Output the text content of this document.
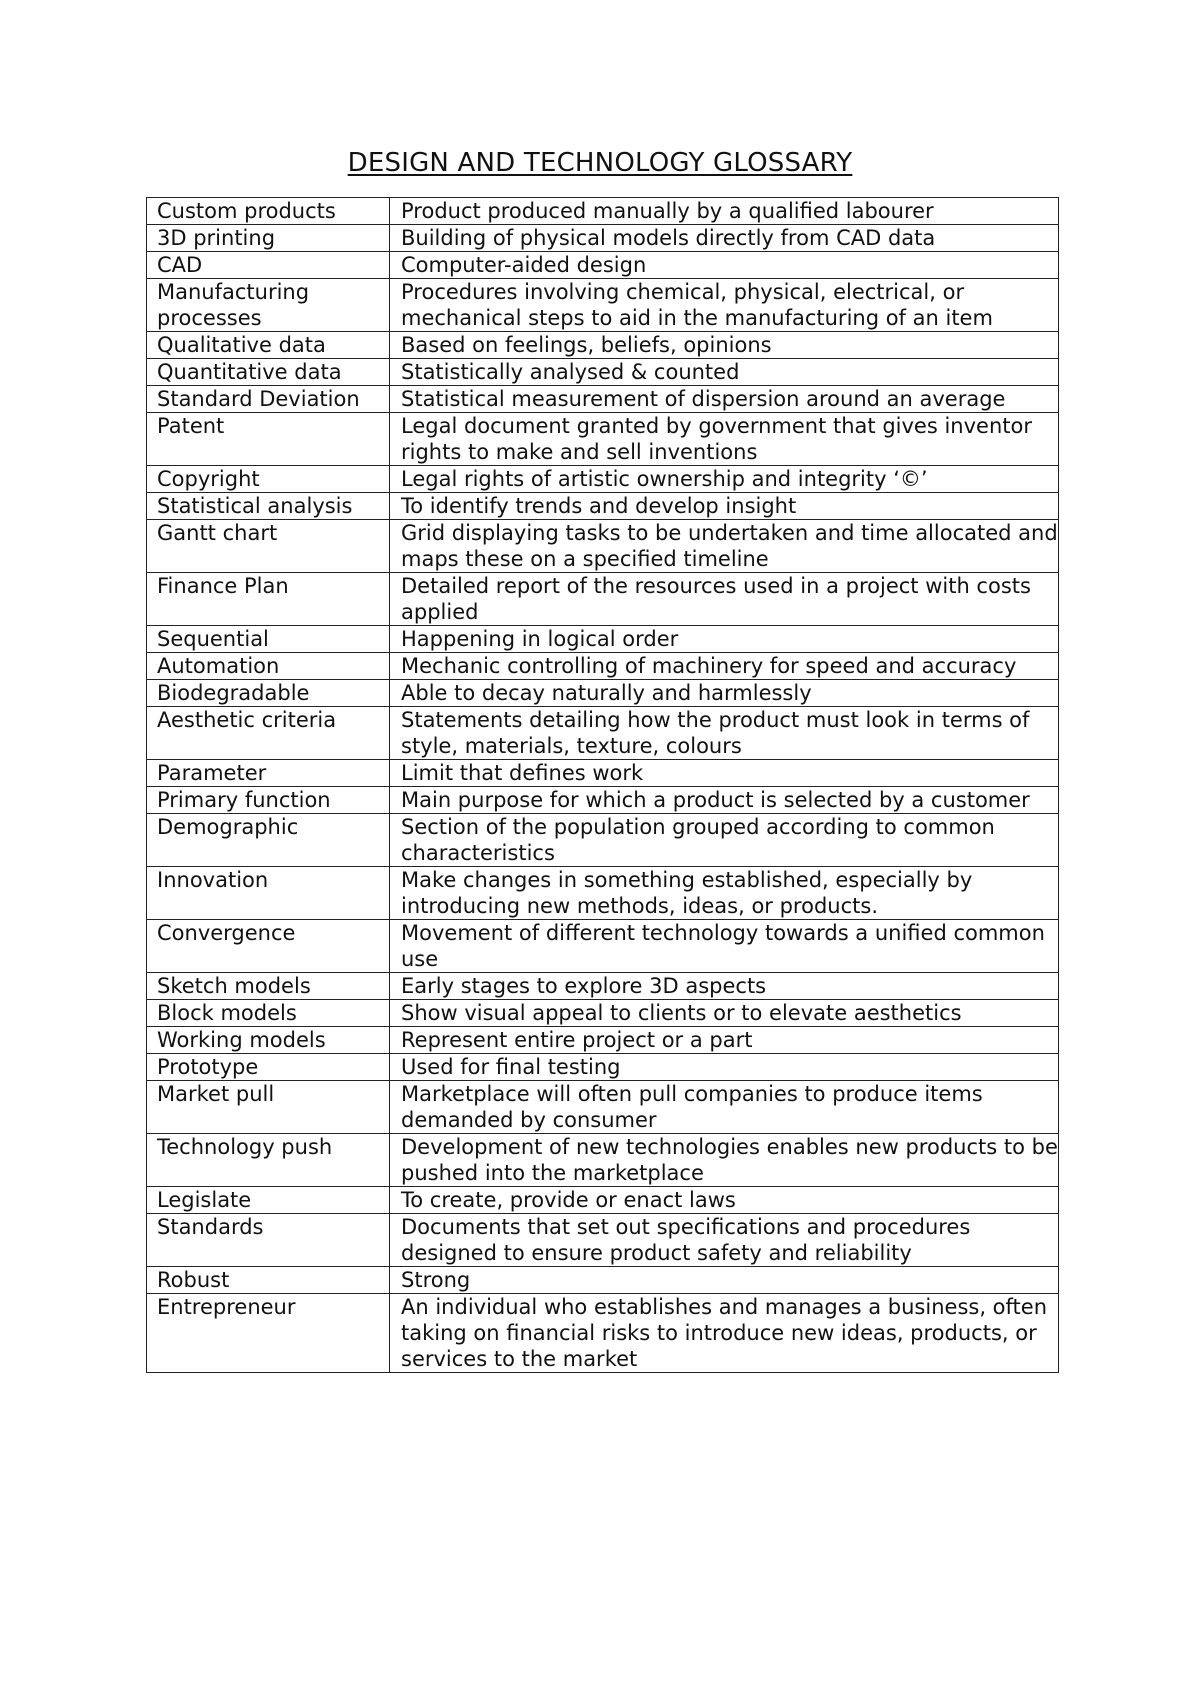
DESIGN AND TECHNOLOGY GLOSSARY
Custom products	Product produced manually by a qualified labourer
3D printing	Building of physical models directly from CAD data
CAD	Computer-aided design
Manufacturing processes	Procedures involving chemical, physical, electrical, or mechanical steps to aid in the manufacturing of an item
Qualitative data	Based on feelings, beliefs, opinions
Quantitative data	Statistically analysed & counted
Standard Deviation	Statistical measurement of dispersion around an average
Patent	Legal document granted by government that gives inventor rights to make and sell inventions
Copyright	Legal rights of artistic ownership and integrity ‘©’
Statistical analysis	To identify trends and develop insight
Gantt chart	Grid displaying tasks to be undertaken and time allocated and maps these on a specified timeline
Finance Plan	Detailed report of the resources used in a project with costs applied
Sequential	Happening in logical order
Automation	Mechanic controlling of machinery for speed and accuracy
Biodegradable	Able to decay naturally and harmlessly
Aesthetic criteria	Statements detailing how the product must look in terms of style, materials, texture, colours
Parameter	Limit that defines work
Primary function	Main purpose for which a product is selected by a customer
Demographic	Section of the population grouped according to common characteristics
Innovation	Make changes in something established, especially by introducing new methods, ideas, or products.
Convergence	Movement of different technology towards a unified common use
Sketch models	Early stages to explore 3D aspects
Block models	Show visual appeal to clients or to elevate aesthetics
Working models	Represent entire project or a part
Prototype	Used for final testing
Market pull	Marketplace will often pull companies to produce items demanded by consumer
Technology push	Development of new technologies enables new products to be pushed into the marketplace
Legislate	To create, provide or enact laws
Standards	Documents that set out specifications and procedures designed to ensure product safety and reliability
Robust	Strong
Entrepreneur	An individual who establishes and manages a business, often taking on financial risks to introduce new ideas, products, or services to the market
